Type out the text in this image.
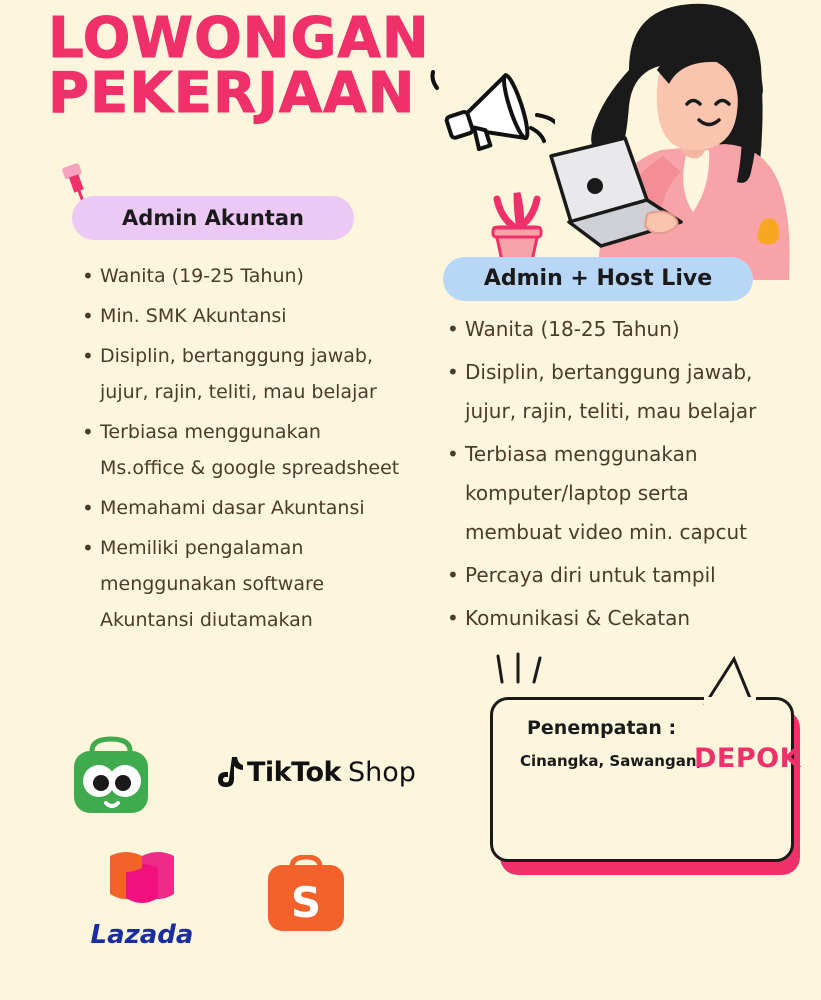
LOWONGAN
PEKERJAAN
Admin Akuntan
• Wanita (19-25 Tahun)
• Min. SMK Akuntansi
• Disiplin, bertanggung jawab, jujur, rajin, teliti, mau belajar
• Terbiasa menggunakan Ms.office & google spreadsheet
• Memahami dasar Akuntansi
• Memiliki pengalaman menggunakan software Akuntansi diutamakan
Admin + Host Live
• Wanita (18-25 Tahun)
• Disiplin, bertanggung jawab, jujur, rajin, teliti, mau belajar
• Terbiasa menggunakan komputer/laptop serta membuat video min. capcut
• Percaya diri untuk tampil
• Komunikasi & Cekatan
Penempatan :
Cinangka, Sawangan,
DEPOK
TikTok Shop
Lazada
S
